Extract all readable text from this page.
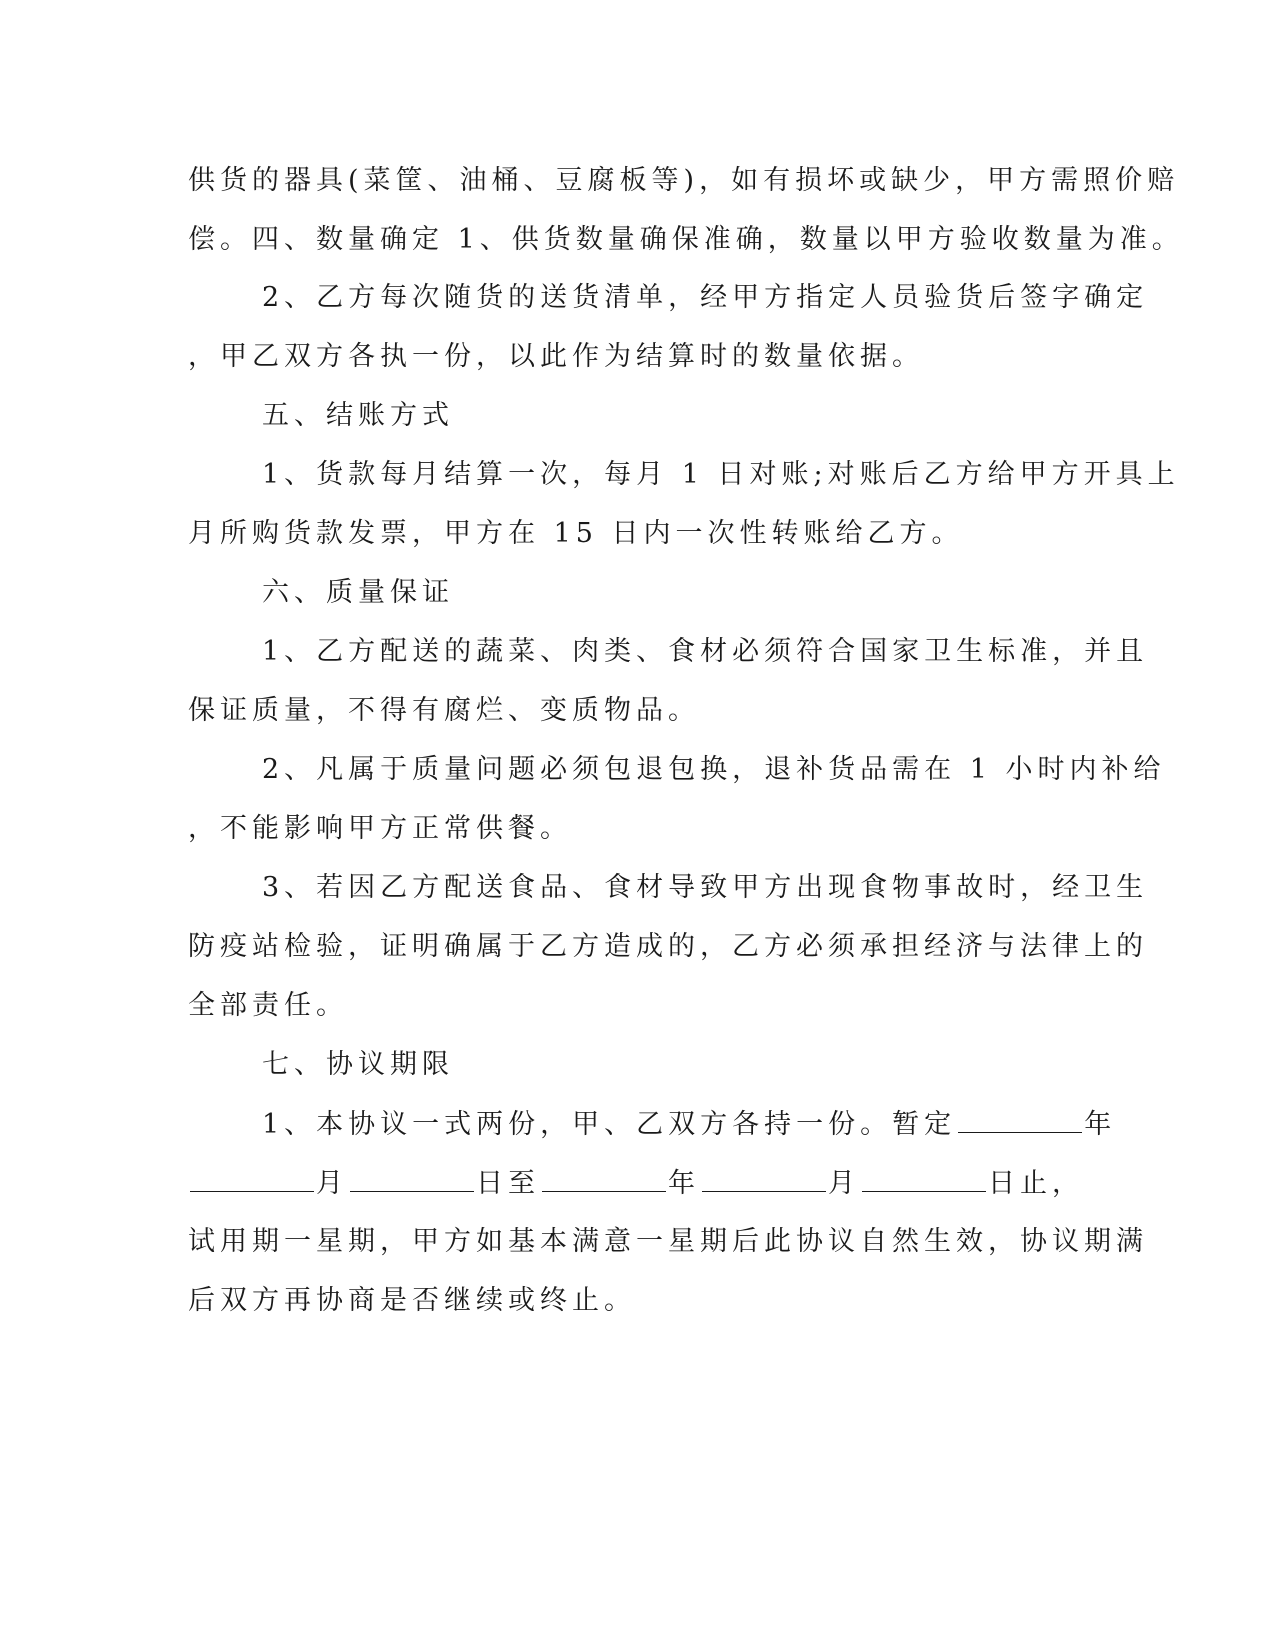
供货的器具(菜筐、油桶、豆腐板等)，如有损坏或缺少，甲方需照价赔
偿。四、数量确定 1、供货数量确保准确，数量以甲方验收数量为准。
2、乙方每次随货的送货清单，经甲方指定人员验货后签字确定
，甲乙双方各执一份，以此作为结算时的数量依据。
五、结账方式
1、货款每月结算一次，每月 1 日对账;对账后乙方给甲方开具上
月所购货款发票，甲方在 15 日内一次性转账给乙方。
六、质量保证
1、乙方配送的蔬菜、肉类、食材必须符合国家卫生标准，并且
保证质量，不得有腐烂、变质物品。
2、凡属于质量问题必须包退包换，退补货品需在 1 小时内补给
，不能影响甲方正常供餐。
3、若因乙方配送食品、食材导致甲方出现食物事故时，经卫生
防疫站检验，证明确属于乙方造成的，乙方必须承担经济与法律上的
全部责任。
七、协议期限
1、本协议一式两份，甲、乙双方各持一份。暂定	年
月	日至	年	月	日止，
试用期一星期，甲方如基本满意一星期后此协议自然生效，协议期满
后双方再协商是否继续或终止。
